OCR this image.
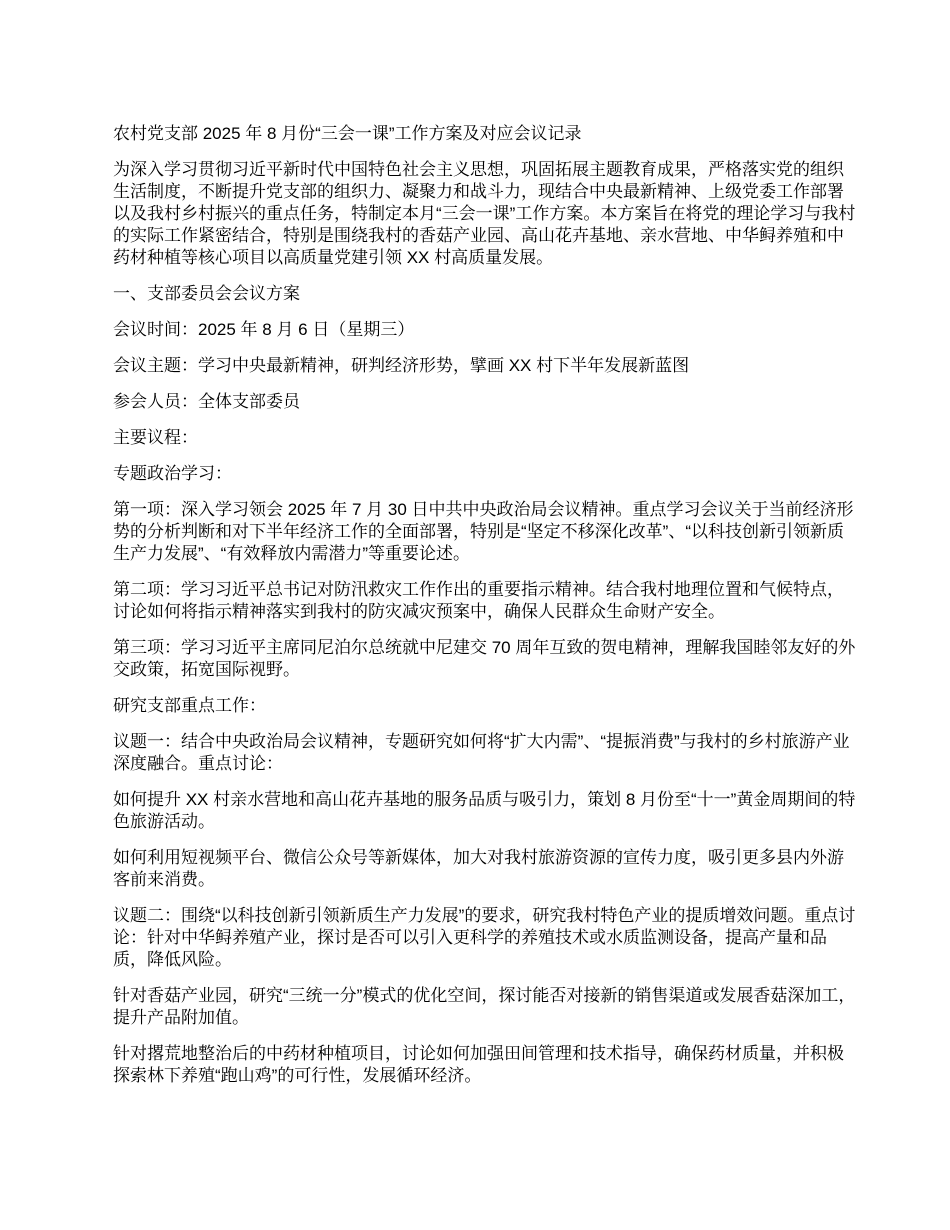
农村党支部 2025 年 8 月份“三会一课”工作方案及对应会议记录

为深入学习贯彻习近平新时代中国特色社会主义思想，巩固拓展主题教育成果，严格落实党的组织生活制度，不断提升党支部的组织力、凝聚力和战斗力，现结合中央最新精神、上级党委工作部署以及我村乡村振兴的重点任务，特制定本月“三会一课”工作方案。本方案旨在将党的理论学习与我村的实际工作紧密结合，特别是围绕我村的香菇产业园、高山花卉基地、亲水营地、中华鲟养殖和中药材种植等核心项目以高质量党建引领 XX 村高质量发展。

一、支部委员会会议方案

会议时间：2025 年 8 月 6 日（星期三）

会议主题：学习中央最新精神，研判经济形势，擘画 XX 村下半年发展新蓝图

参会人员：全体支部委员

主要议程：

专题政治学习：

第一项：深入学习领会 2025 年 7 月 30 日中共中央政治局会议精神。重点学习会议关于当前经济形势的分析判断和对下半年经济工作的全面部署，特别是“坚定不移深化改革”、“以科技创新引领新质生产力发展”、“有效释放内需潜力”等重要论述。

第二项：学习习近平总书记对防汛救灾工作作出的重要指示精神。结合我村地理位置和气候特点，讨论如何将指示精神落实到我村的防灾减灾预案中，确保人民群众生命财产安全。

第三项：学习习近平主席同尼泊尔总统就中尼建交 70 周年互致的贺电精神，理解我国睦邻友好的外交政策，拓宽国际视野。

研究支部重点工作：

议题一：结合中央政治局会议精神，专题研究如何将“扩大内需”、“提振消费”与我村的乡村旅游产业深度融合。重点讨论：

如何提升 XX 村亲水营地和高山花卉基地的服务品质与吸引力，策划 8 月份至“十一”黄金周期间的特色旅游活动。

如何利用短视频平台、微信公众号等新媒体，加大对我村旅游资源的宣传力度，吸引更多县内外游客前来消费。

议题二：围绕“以科技创新引领新质生产力发展”的要求，研究我村特色产业的提质增效问题。重点讨论：针对中华鲟养殖产业，探讨是否可以引入更科学的养殖技术或水质监测设备，提高产量和品质，降低风险。

针对香菇产业园，研究“三统一分”模式的优化空间，探讨能否对接新的销售渠道或发展香菇深加工，提升产品附加值。

针对撂荒地整治后的中药材种植项目，讨论如何加强田间管理和技术指导，确保药材质量，并积极探索林下养殖“跑山鸡”的可行性，发展循环经济。
